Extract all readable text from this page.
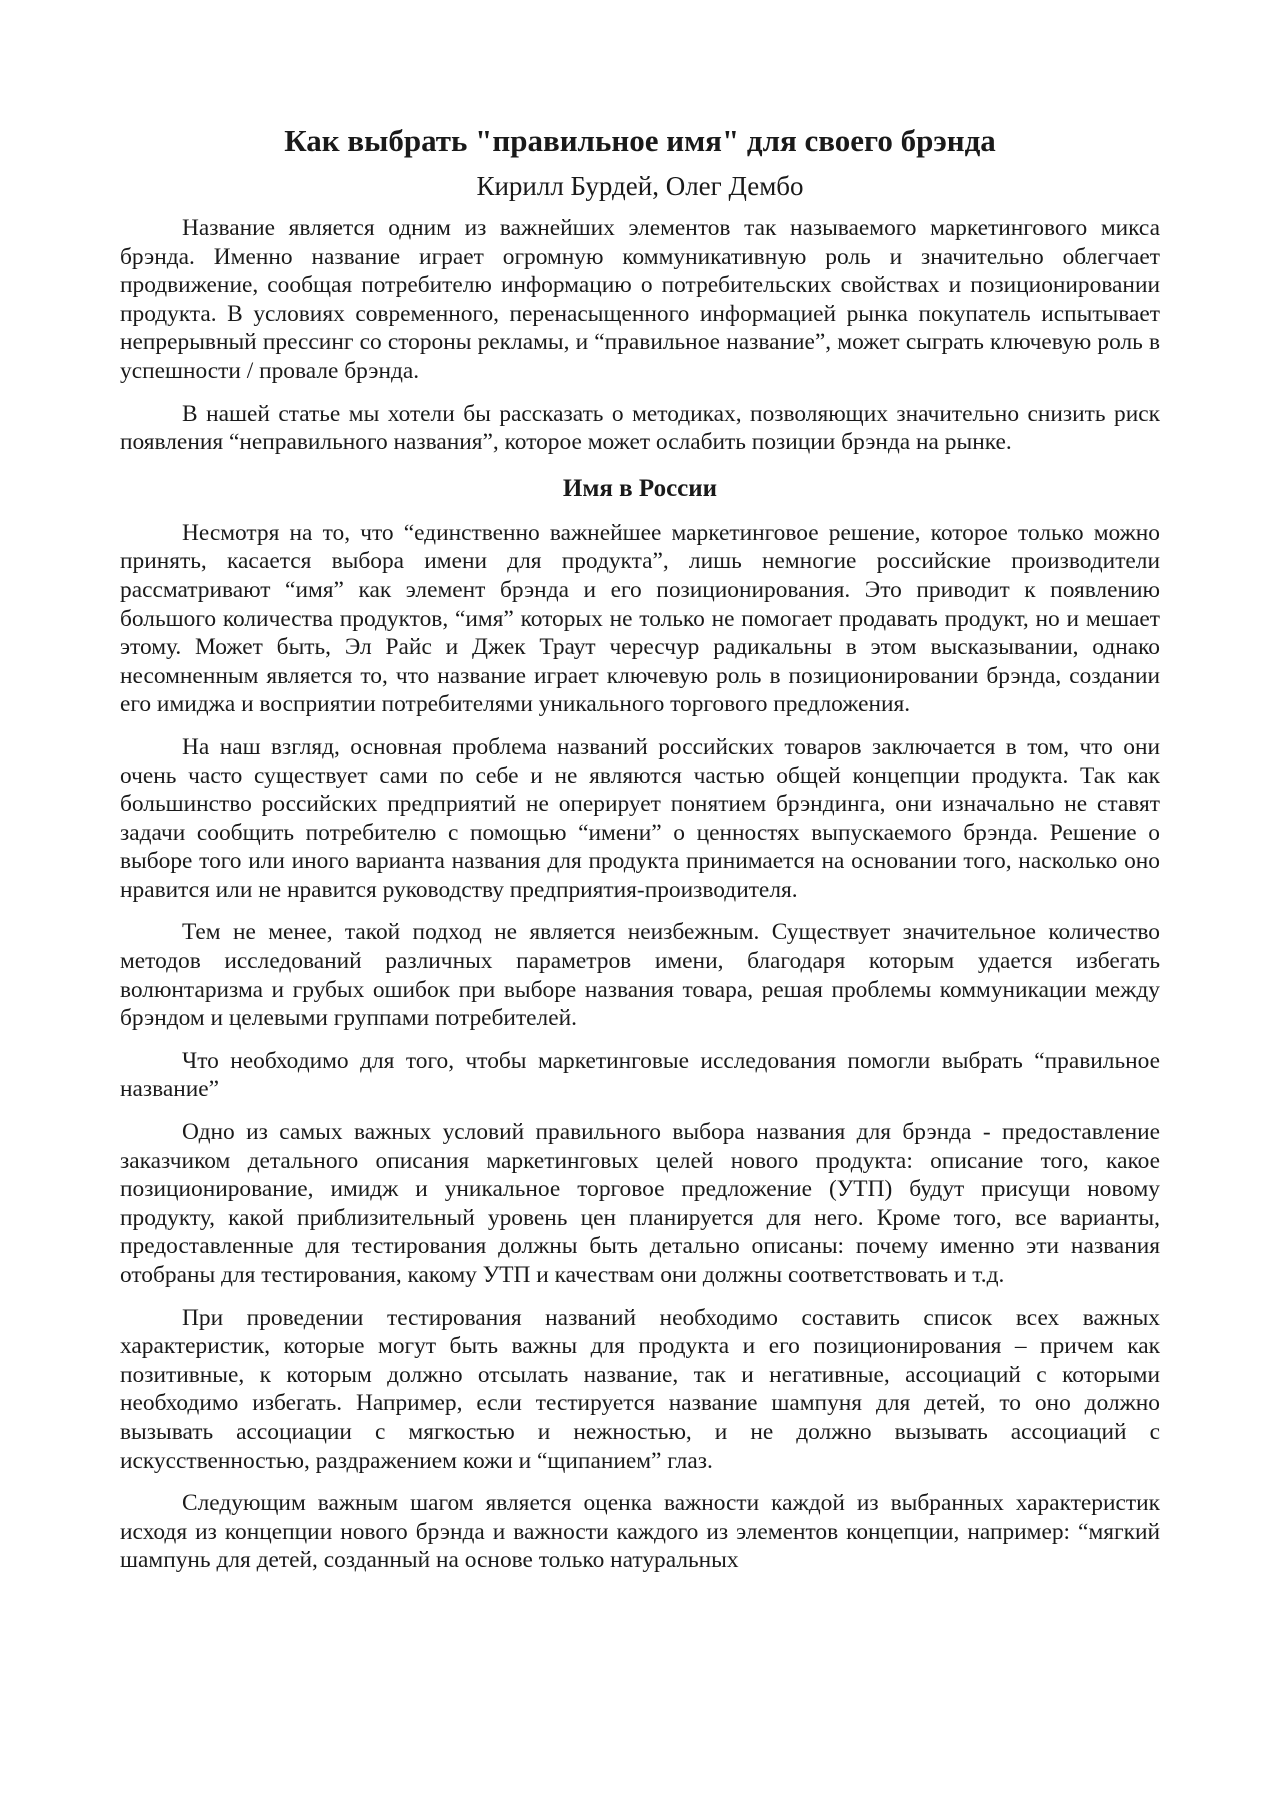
Как выбрать "правильное имя" для своего брэнда
Кирилл Бурдей, Олег Дембо

Название является одним из важнейших элементов так называемого маркетингового микса брэнда. Именно название играет огромную коммуникативную роль и значительно облегчает продвижение, сообщая потребителю информацию о потребительских свойствах и позиционировании продукта. В условиях современного, перенасыщенного информацией рынка покупатель испытывает непрерывный прессинг со стороны рекламы, и “правильное название”, может сыграть ключевую роль в успешности / провале брэнда.

В нашей статье мы хотели бы рассказать о методиках, позволяющих значительно снизить риск появления “неправильного названия”, которое может ослабить позиции брэнда на рынке.

Имя в России

Несмотря на то, что “единственно важнейшее маркетинговое решение, которое только можно принять, касается выбора имени для продукта”, лишь немногие российские производители рассматривают “имя” как элемент брэнда и его позиционирования. Это приводит к появлению большого количества продуктов, “имя” которых не только не помогает продавать продукт, но и мешает этому. Может быть, Эл Райс и Джек Траут чересчур радикальны в этом высказывании, однако несомненным является то, что название играет ключевую роль в позиционировании брэнда, создании его имиджа и восприятии потребителями уникального торгового предложения.

На наш взгляд, основная проблема названий российских товаров заключается в том, что они очень часто существует сами по себе и не являются частью общей концепции продукта. Так как большинство российских предприятий не оперирует понятием брэндинга, они изначально не ставят задачи сообщить потребителю с помощью “имени” о ценностях выпускаемого брэнда. Решение о выборе того или иного варианта названия для продукта принимается на основании того, насколько оно нравится или не нравится руководству предприятия-производителя.

Тем не менее, такой подход не является неизбежным. Существует значительное количество методов исследований различных параметров имени, благодаря которым удается избегать волюнтаризма и грубых ошибок при выборе названия товара, решая проблемы коммуникации между брэндом и целевыми группами потребителей.

Что необходимо для того, чтобы маркетинговые исследования помогли выбрать “правильное название”

Одно из самых важных условий правильного выбора названия для брэнда - предоставление заказчиком детального описания маркетинговых целей нового продукта: описание того, какое позиционирование, имидж и уникальное торговое предложение (УТП) будут присущи новому продукту, какой приблизительный уровень цен планируется для него. Кроме того, все варианты, предоставленные для тестирования должны быть детально описаны: почему именно эти названия отобраны для тестирования, какому УТП и качествам они должны соответствовать и т.д.

При проведении тестирования названий необходимо составить список всех важных характеристик, которые могут быть важны для продукта и его позиционирования – причем как позитивные, к которым должно отсылать название, так и негативные, ассоциаций с которыми необходимо избегать. Например, если тестируется название шампуня для детей, то оно должно вызывать ассоциации с мягкостью и нежностью, и не должно вызывать ассоциаций с искусственностью, раздражением кожи и “щипанием” глаз.

Следующим важным шагом является оценка важности каждой из выбранных характеристик исходя из концепции нового брэнда и важности каждого из элементов концепции, например: “мягкий шампунь для детей, созданный на основе только натуральных
